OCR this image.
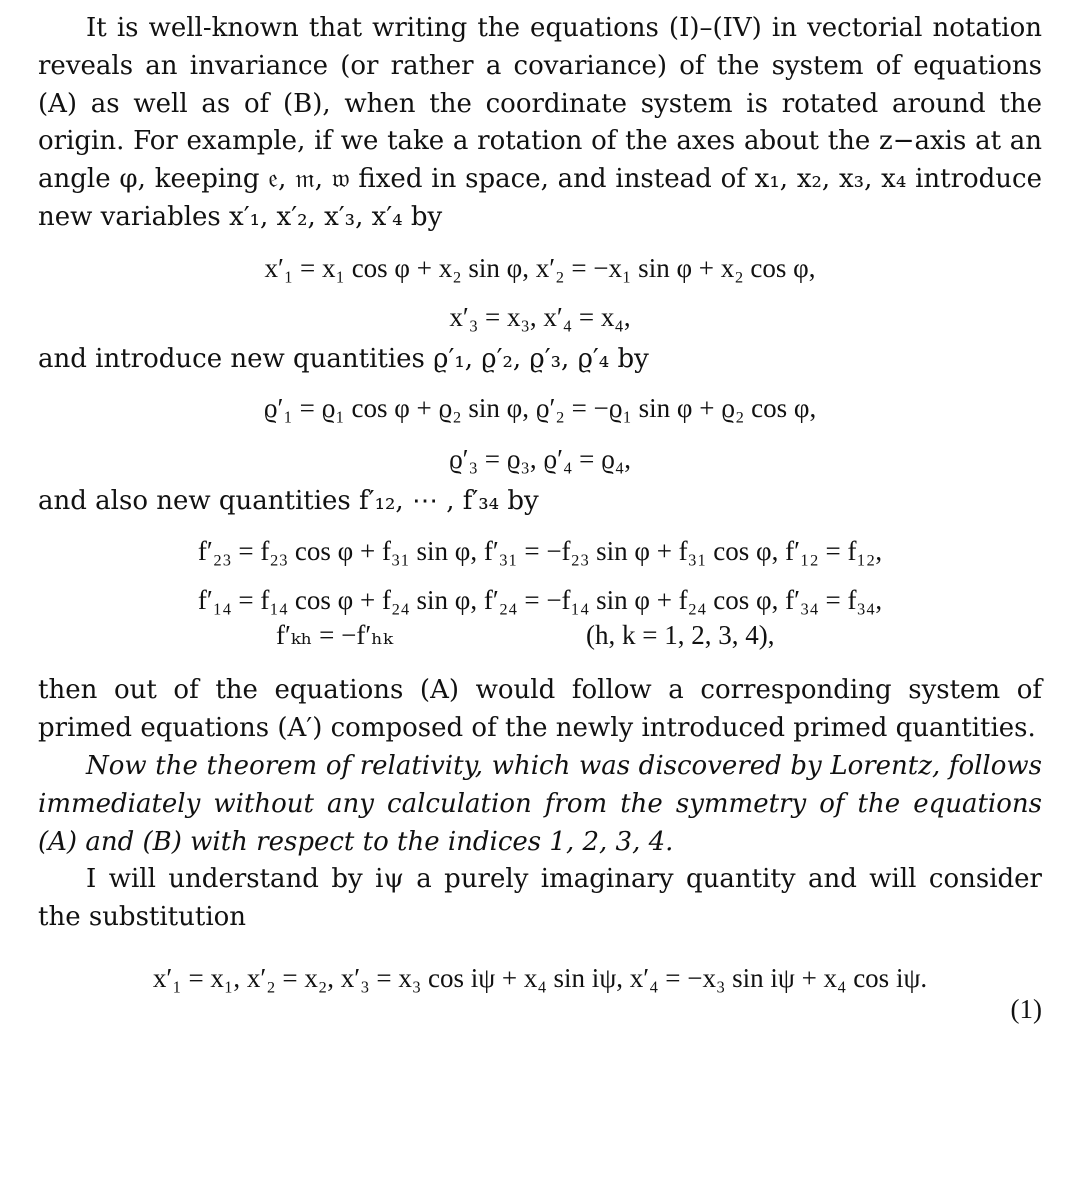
It is well-known that writing the equations (I)–(IV) in vectorial notation reveals an invariance (or rather a covariance) of the system of equations (A) as well as of (B), when the coordinate system is rotated around the origin. For example, if we take a rotation of the axes about the z−axis at an angle φ, keeping 𝔢, 𝔪, 𝔴 fixed in space, and instead of x₁, x₂, x₃, x₄ introduce new variables x′₁, x′₂, x′₃, x′₄ by

x′₁ = x₁ cos φ + x₂ sin φ, x′₂ = −x₁ sin φ + x₂ cos φ,

x′₃ = x₃, x′₄ = x₄,

and introduce new quantities ϱ′₁, ϱ′₂, ϱ′₃, ϱ′₄ by

ϱ′₁ = ϱ₁ cos φ + ϱ₂ sin φ, ϱ′₂ = −ϱ₁ sin φ + ϱ₂ cos φ,

ϱ′₃ = ϱ₃, ϱ′₄ = ϱ₄,

and also new quantities f′₁₂, ⋯ , f′₃₄ by

f′₂₃ = f₂₃ cos φ + f₃₁ sin φ, f′₃₁ = −f₂₃ sin φ + f₃₁ cos φ, f′₁₂ = f₁₂,

f′₁₄ = f₁₄ cos φ + f₂₄ sin φ, f′₂₄ = −f₁₄ sin φ + f₂₄ cos φ, f′₃₄ = f₃₄,

f′ₖₕ = −f′ₕₖ	(h, k = 1, 2, 3, 4),

then out of the equations (A) would follow a corresponding system of primed equations (A′) composed of the newly introduced primed quantities.

Now the theorem of relativity, which was discovered by Lorentz, follows immediately without any calculation from the symmetry of the equations (A) and (B) with respect to the indices 1, 2, 3, 4.

I will understand by iψ a purely imaginary quantity and will consider the substitution

x′₁ = x₁, x′₂ = x₂, x′₃ = x₃ cos iψ + x₄ sin iψ, x′₄ = −x₃ sin iψ + x₄ cos iψ.

(1)
